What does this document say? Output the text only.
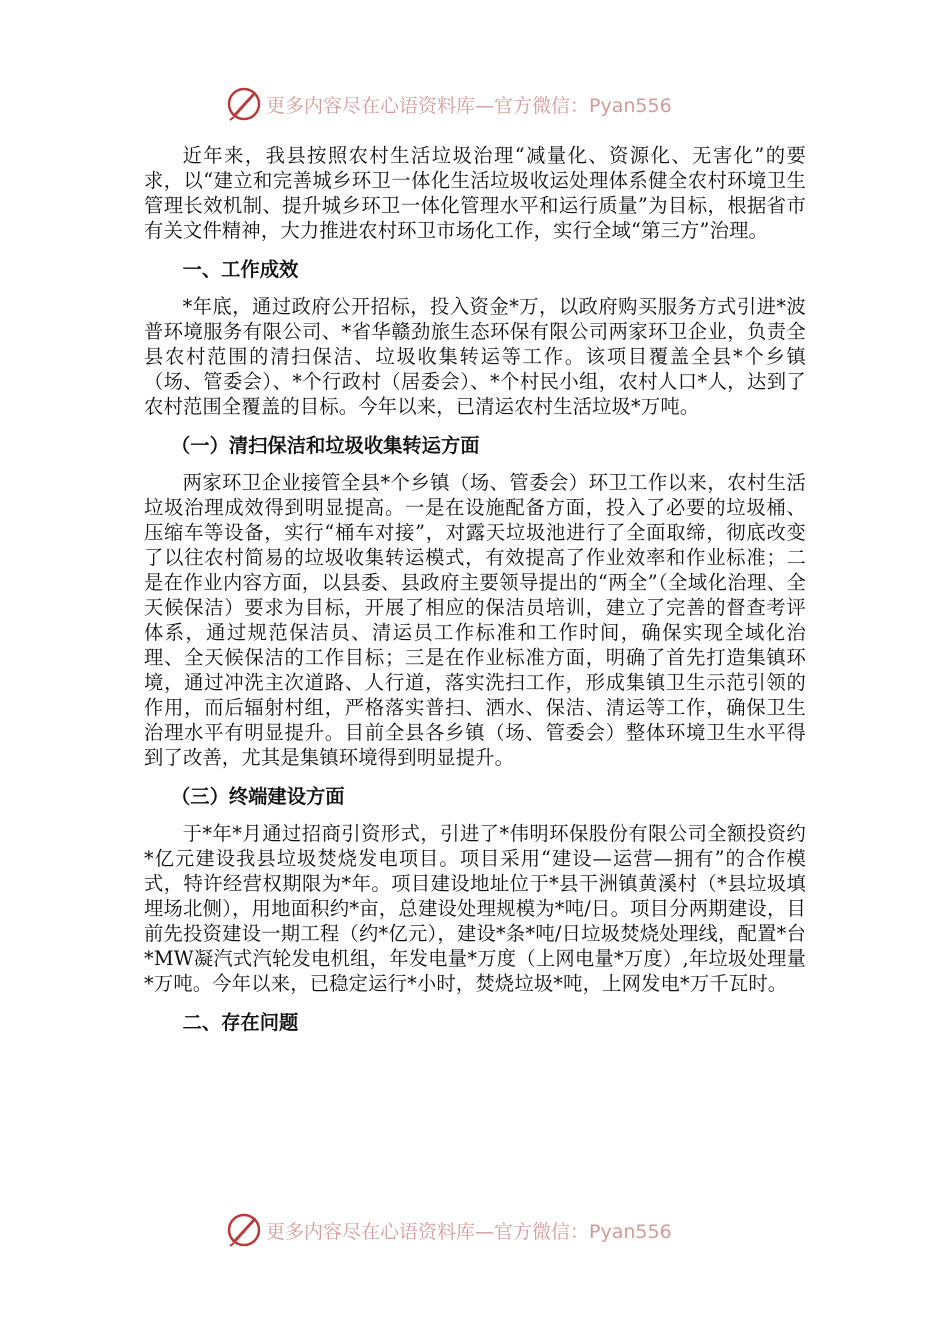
更多内容尽在心语资料库—官方微信：Pyan556

近年来，我县按照农村生活垃圾治理“减量化、资源化、无害化”的要求，以“建立和完善城乡环卫一体化生活垃圾收运处理体系健全农村环境卫生管理长效机制、提升城乡环卫一体化管理水平和运行质量”为目标，根据省市有关文件精神，大力推进农村环卫市场化工作，实行全域“第三方”治理。

一、工作成效

*年底，通过政府公开招标，投入资金*万，以政府购买服务方式引进*波普环境服务有限公司、*省华赣劲旅生态环保有限公司两家环卫企业，负责全县农村范围的清扫保洁、垃圾收集转运等工作。该项目覆盖全县*个乡镇（场、管委会）、*个行政村（居委会）、*个村民小组，农村人口*人，达到了农村范围全覆盖的目标。今年以来，已清运农村生活垃圾*万吨。

（一）清扫保洁和垃圾收集转运方面

两家环卫企业接管全县*个乡镇（场、管委会）环卫工作以来，农村生活垃圾治理成效得到明显提高。一是在设施配备方面，投入了必要的垃圾桶、压缩车等设备，实行“桶车对接”，对露天垃圾池进行了全面取缔，彻底改变了以往农村简易的垃圾收集转运模式，有效提高了作业效率和作业标准；二是在作业内容方面，以县委、县政府主要领导提出的“两全”（全域化治理、全天候保洁）要求为目标，开展了相应的保洁员培训，建立了完善的督查考评体系，通过规范保洁员、清运员工作标准和工作时间，确保实现全域化治理、全天候保洁的工作目标；三是在作业标准方面，明确了首先打造集镇环境，通过冲洗主次道路、人行道，落实洗扫工作，形成集镇卫生示范引领的作用，而后辐射村组，严格落实普扫、洒水、保洁、清运等工作，确保卫生治理水平有明显提升。目前全县各乡镇（场、管委会）整体环境卫生水平得到了改善，尤其是集镇环境得到明显提升。

（三）终端建设方面

于*年*月通过招商引资形式，引进了*伟明环保股份有限公司全额投资约*亿元建设我县垃圾焚烧发电项目。项目采用“建设—运营—拥有”的合作模式，特许经营权期限为*年。项目建设地址位于*县干洲镇黄溪村（*县垃圾填埋场北侧），用地面积约*亩，总建设处理规模为*吨/日。项目分两期建设，目前先投资建设一期工程（约*亿元），建设*条*吨/日垃圾焚烧处理线，配置*台*MW凝汽式汽轮发电机组，年发电量*万度（上网电量*万度）,年垃圾处理量*万吨。今年以来，已稳定运行*小时，焚烧垃圾*吨，上网发电*万千瓦时。

二、存在问题
更多内容尽在心语资料库—官方微信：Pyan556
